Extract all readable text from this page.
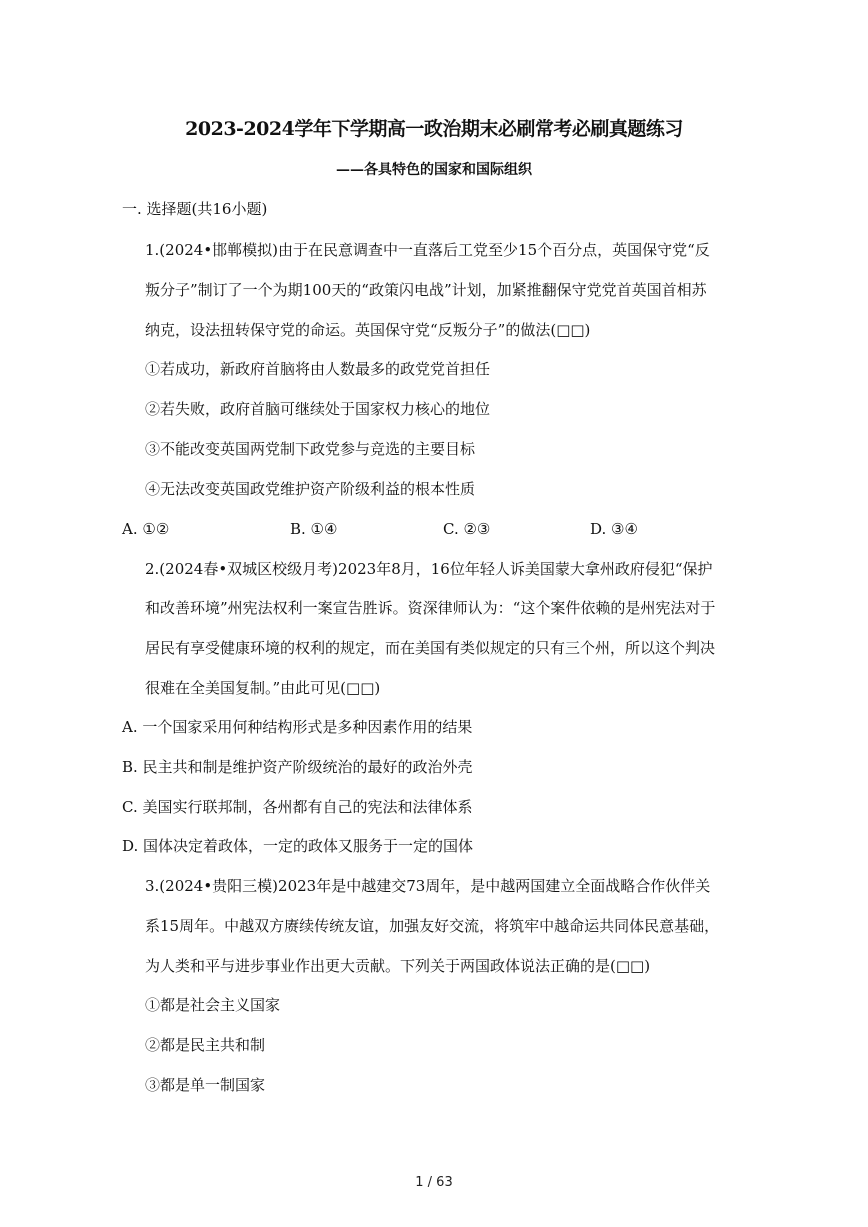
2023-2024学年下学期高一政治期末必刷常考必刷真题练习
——各具特色的国家和国际组织
一. 选择题(共16小题)
1.(2024•邯郸模拟)由于在民意调查中一直落后工党至少15个百分点，英国保守党“反
叛分子”制订了一个为期100天的“政策闪电战”计划，加紧推翻保守党党首英国首相苏
纳克，设法扭转保守党的命运。英国保守党“反叛分子”的做法(□□)
①若成功，新政府首脑将由人数最多的政党党首担任
②若失败，政府首脑可继续处于国家权力核心的地位
③不能改变英国两党制下政党参与竞选的主要目标
④无法改变英国政党维护资产阶级利益的根本性质
A. ①②	B. ①④	C. ②③	D. ③④
2.(2024春•双城区校级月考)2023年8月，16位年轻人诉美国蒙大拿州政府侵犯“保护
和改善环境”州宪法权利一案宣告胜诉。资深律师认为：“这个案件依赖的是州宪法对于
居民有享受健康环境的权利的规定，而在美国有类似规定的只有三个州，所以这个判决
很难在全美国复制。”由此可见(□□)
A. 一个国家采用何种结构形式是多种因素作用的结果
B. 民主共和制是维护资产阶级统治的最好的政治外壳
C. 美国实行联邦制，各州都有自己的宪法和法律体系
D. 国体决定着政体，一定的政体又服务于一定的国体
3.(2024•贵阳三模)2023年是中越建交73周年，是中越两国建立全面战略合作伙伴关
系15周年。中越双方赓续传统友谊，加强友好交流，将筑牢中越命运共同体民意基础，
为人类和平与进步事业作出更大贡献。下列关于两国政体说法正确的是(□□)
①都是社会主义国家
②都是民主共和制
③都是单一制国家
1 / 63
